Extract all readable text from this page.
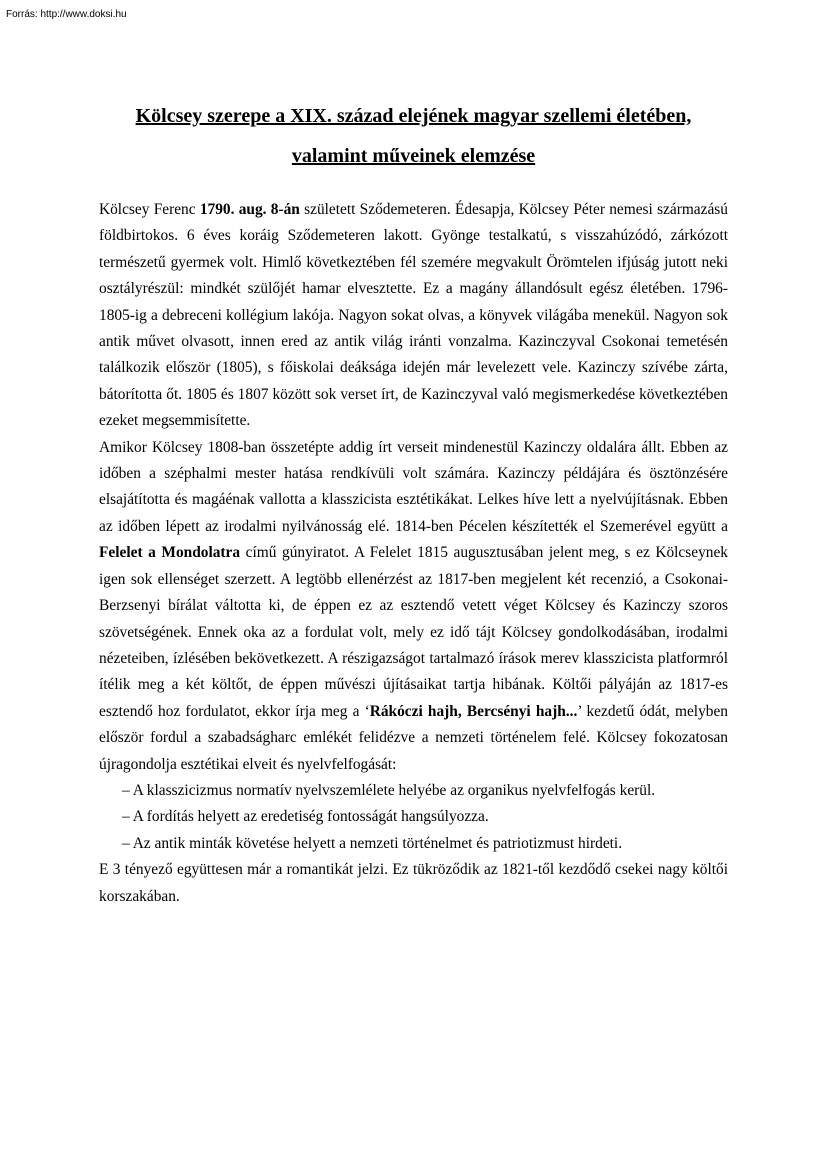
Forrás: http://www.doksi.hu
Kölcsey szerepe a XIX. század elejének magyar szellemi életében,
valamint műveinek elemzése

Kölcsey Ferenc 1790. aug. 8-án született Sződemeteren. Édesapja, Kölcsey Péter nemesi származású földbirtokos. 6 éves koráig Sződemeteren lakott. Gyönge testalkatú, s visszahúzódó, zárkózott természetű gyermek volt. Himlő következtében fél szemére megvakult Örömtelen ifjúság jutott neki osztályrészül: mindkét szülőjét hamar elvesztette. Ez a magány állandósult egész életében. 1796-1805-ig a debreceni kollégium lakója. Nagyon sokat olvas, a könyvek világába menekül. Nagyon sok antik művet olvasott, innen ered az antik világ iránti vonzalma. Kazinczyval Csokonai temetésén találkozik először (1805), s főiskolai deáksága idején már levelezett vele. Kazinczy szívébe zárta, bátorította őt. 1805 és 1807 között sok verset írt, de Kazinczyval való megismerkedése következtében ezeket megsemmisítette.

Amikor Kölcsey 1808-ban összetépte addig írt verseit mindenestül Kazinczy oldalára állt. Ebben az időben a széphalmi mester hatása rendkívüli volt számára. Kazinczy példájára és ösztönzésére elsajátította és magáénak vallotta a klasszicista esztétikákat. Lelkes híve lett a nyelvújításnak. Ebben az időben lépett az irodalmi nyilvánosság elé. 1814-ben Pécelen készítették el Szemerével együtt a Felelet a Mondolatra című gúnyiratot. A Felelet 1815 augusztusában jelent meg, s ez Kölcseynek igen sok ellenséget szerzett. A legtöbb ellenérzést az 1817-ben megjelent két recenzió, a Csokonai-Berzsenyi bírálat váltotta ki, de éppen ez az esztendő vetett véget Kölcsey és Kazinczy szoros szövetségének. Ennek oka az a fordulat volt, mely ez idő tájt Kölcsey gondolkodásában, irodalmi nézeteiben, ízlésében bekövetkezett. A részigazságot tartalmazó írások merev klasszicista platformról ítélik meg a két költőt, de éppen művészi újításaikat tartja hibának. Költői pályáján az 1817-es esztendő hoz fordulatot, ekkor írja meg a ‘Rákóczi hajh, Bercsényi hajh...’ kezdetű ódát, melyben először fordul a szabadságharc emlékét felidézve a nemzeti történelem felé. Kölcsey fokozatosan újragondolja esztétikai elveit és nyelvfelfogását:

– A klasszicizmus normatív nyelvszemlélete helyébe az organikus nyelvfelfogás kerül.

– A fordítás helyett az eredetiség fontosságát hangsúlyozza.

– Az antik minták követése helyett a nemzeti történelmet és patriotizmust hirdeti.

E 3 tényező együttesen már a romantikát jelzi. Ez tükröződik az 1821-től kezdődő csekei nagy költői korszakában.
